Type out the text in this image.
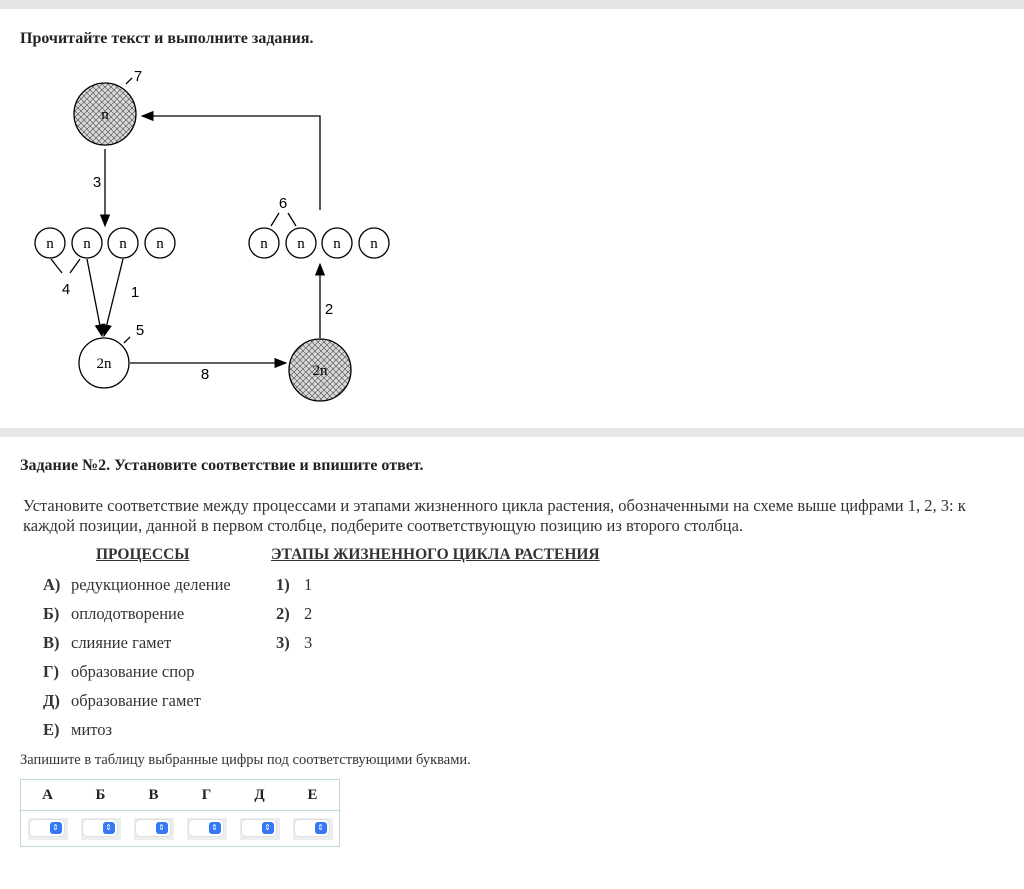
Прочитайте текст и выполните задания.
7
3
4	1
5
8
2
6
n
n n n n	n n n n
2n	2n
Задание №2. Установите соответствие и впишите ответ.
Установите соответствие между процессами и этапами жизненного цикла растения, обозначенными на схеме выше цифрами 1, 2, 3: к каждой позиции, данной в первом столбце, подберите соответствующую позицию из второго столбца.
ПРОЦЕССЫ	ЭТАПЫ ЖИЗНЕННОГО ЦИКЛА РАСТЕНИЯ
А) редукционное деление
Б) оплодотворение
В) слияние гамет
Г) образование спор
Д) образование гамет
Е) митоз
1) 1
2) 2
3) 3
Запишите в таблицу выбранные цифры под соответствующими буквами.
А	Б	В	Г	Д	Е

⇕	⇕	⇕	⇕	⇕	⇕
